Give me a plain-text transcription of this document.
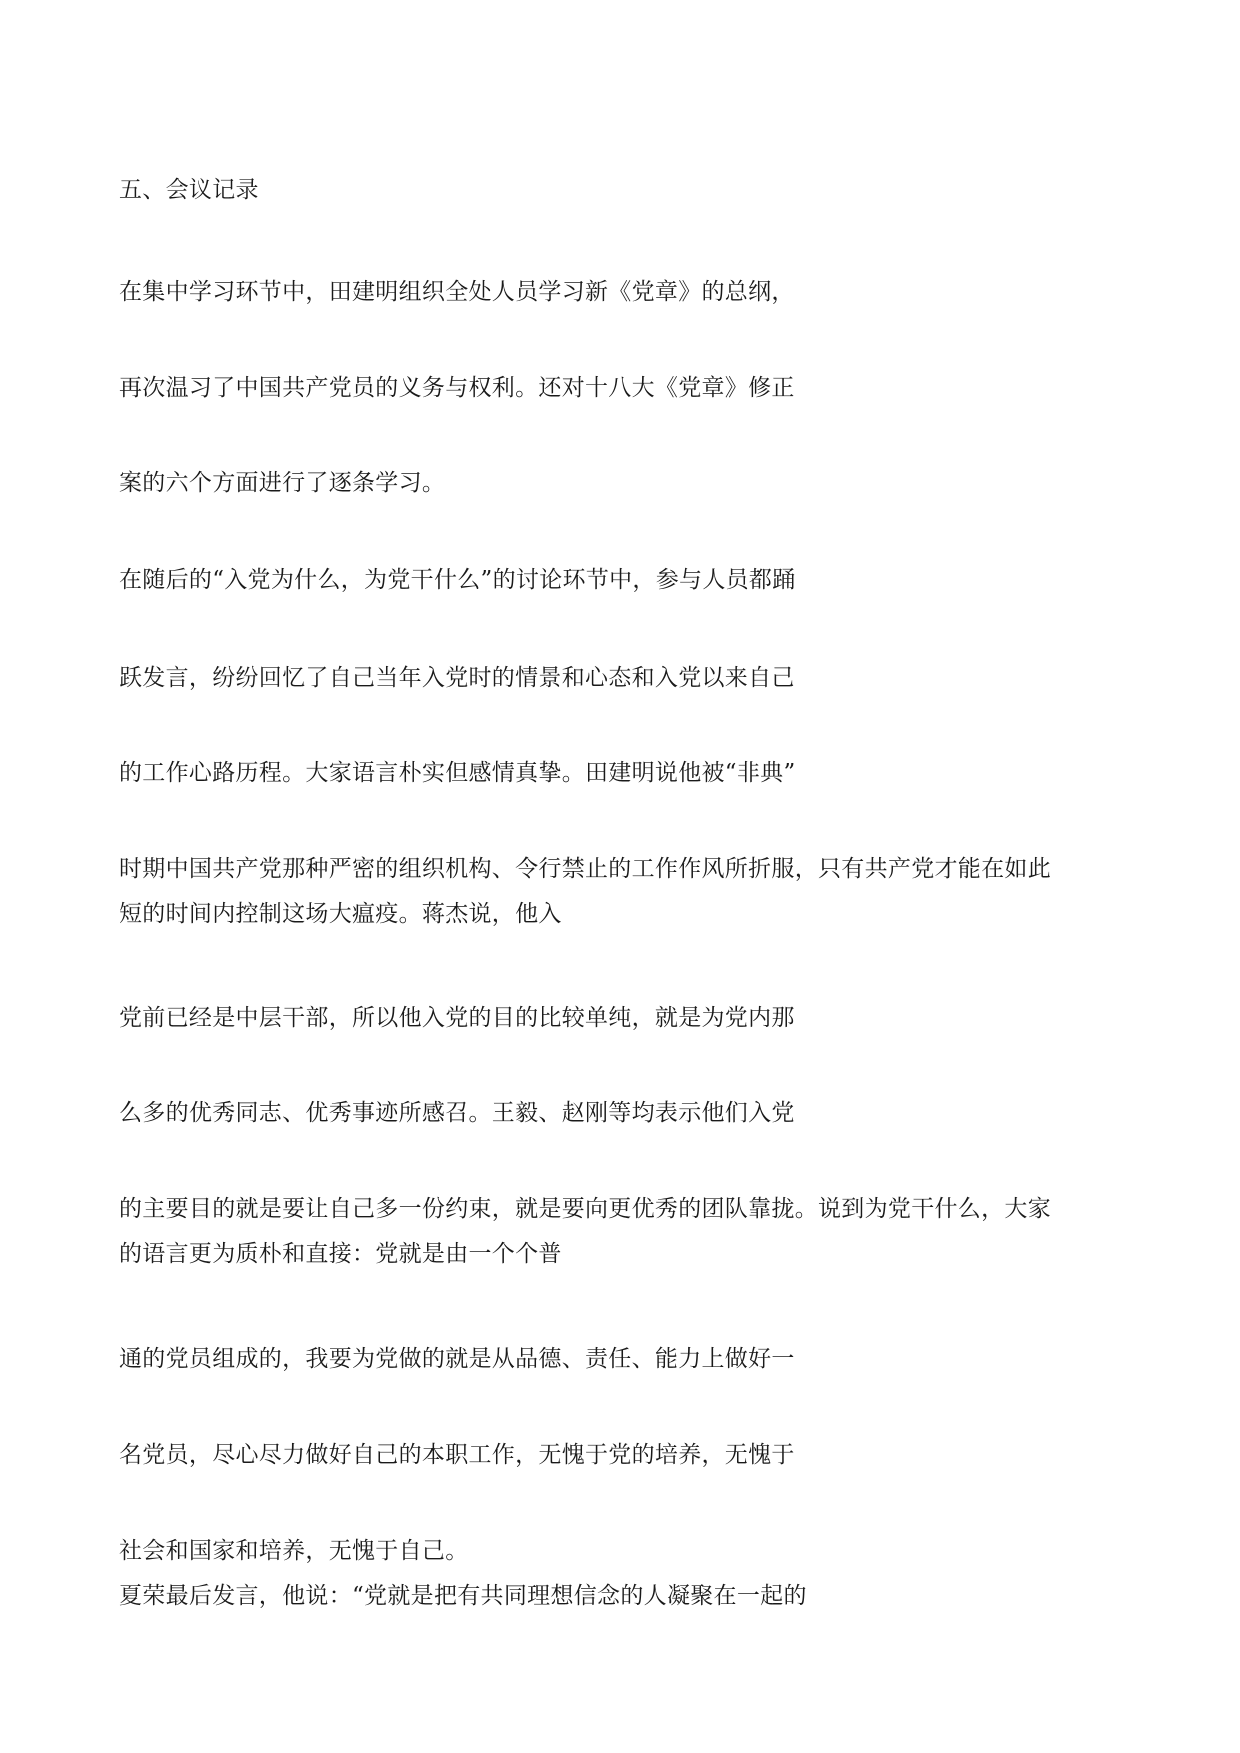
五、会议记录
在集中学习环节中，田建明组织全处人员学习新《党章》的总纲，
再次温习了中国共产党员的义务与权利。还对十八大《党章》修正
案的六个方面进行了逐条学习。
在随后的“入党为什么，为党干什么”的讨论环节中，参与人员都踊
跃发言，纷纷回忆了自己当年入党时的情景和心态和入党以来自己
的工作心路历程。大家语言朴实但感情真挚。田建明说他被“非典”
时期中国共产党那种严密的组织机构、令行禁止的工作作风所折服，只有共产党才能在如此
短的时间内控制这场大瘟疫。蒋杰说，他入
党前已经是中层干部，所以他入党的目的比较单纯，就是为党内那
么多的优秀同志、优秀事迹所感召。王毅、赵刚等均表示他们入党
的主要目的就是要让自己多一份约束，就是要向更优秀的团队靠拢。说到为党干什么，大家
的语言更为质朴和直接：党就是由一个个普
通的党员组成的，我要为党做的就是从品德、责任、能力上做好一
名党员，尽心尽力做好自己的本职工作，无愧于党的培养，无愧于
社会和国家和培养，无愧于自己。
夏荣最后发言，他说：“党就是把有共同理想信念的人凝聚在一起的
